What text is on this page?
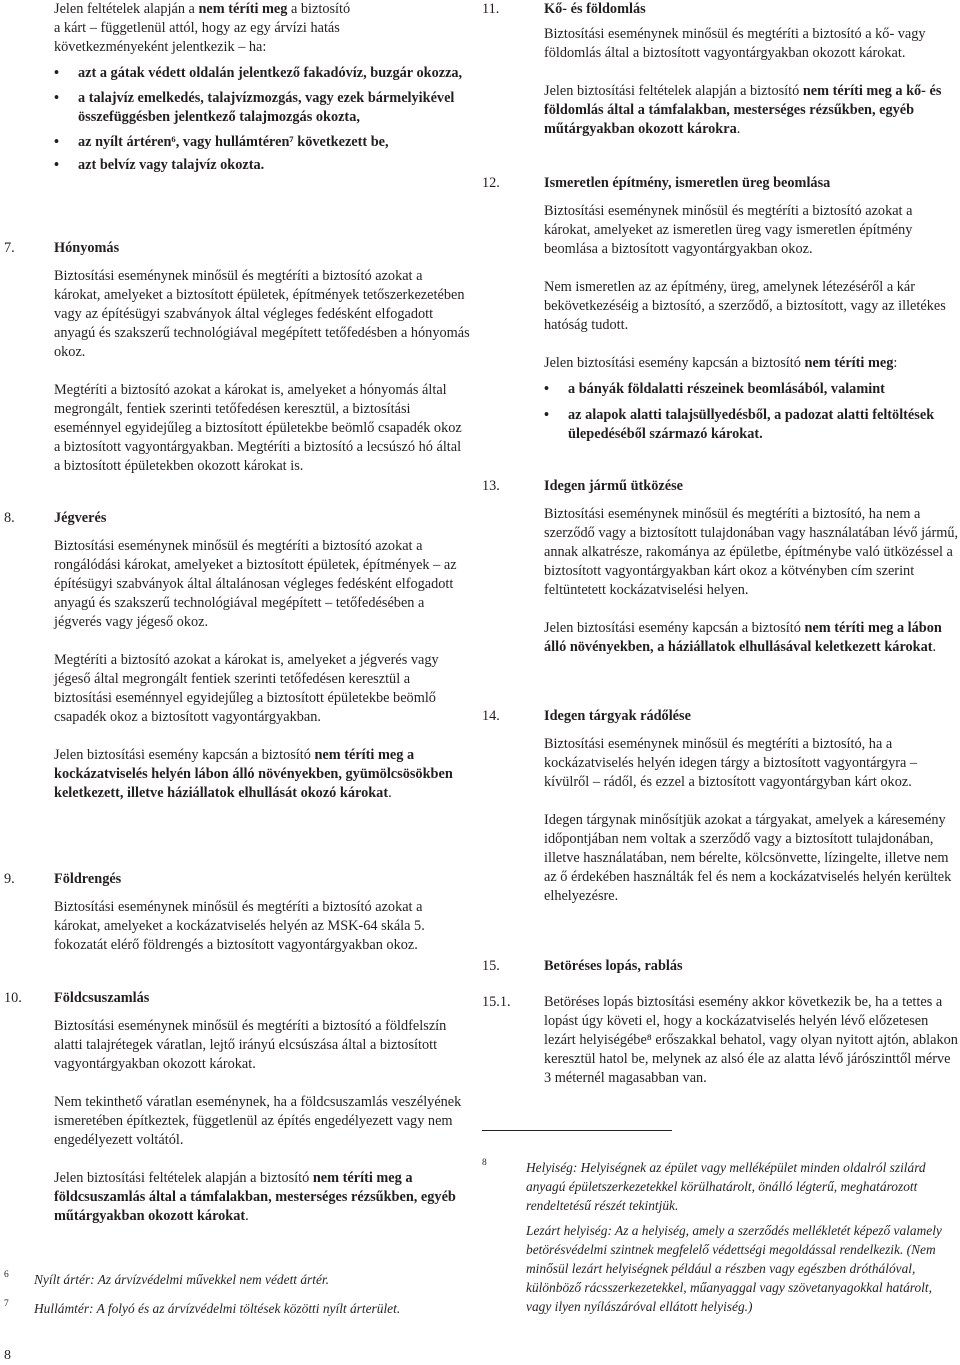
Jelen feltételek alapján a nem téríti meg a biztosító
a kárt – függetlenül attól, hogy az egy árvízi hatás
következményeként jelentkezik – ha:

• azt a gátak védett oldalán jelentkező fakadóvíz, buzgár okozza,
• a talajvíz emelkedés, talajvízmozgás, vagy ezek bármelyikével összefüggésben jelentkező talajmozgás okozta,
• az nyílt ártéren⁶, vagy hullámtéren⁷ következett be,
• azt belvíz vagy talajvíz okozta.
7.	Hónyomás

Biztosítási eseménynek minősül és megtéríti a biztosító azokat a károkat, amelyeket a biztosított épületek, építmények tetőszerkezetében vagy az építésügyi szabványok által végleges fedésként elfogadott anyagú és szakszerű technológiával megépített tetőfedésben a hónyomás okoz.

Megtéríti a biztosító azokat a károkat is, amelyeket a hónyomás által megrongált, fentiek szerinti tetőfedésen keresztül, a biztosítási eseménnyel egyidejűleg a biztosított épületekbe beömlő csapadék okoz a biztosított vagyontárgyakban. Megtéríti a biztosító a lecsúszó hó által a biztosított épületekben okozott károkat is.

8.	Jégverés

Biztosítási eseménynek minősül és megtéríti a biztosító azokat a rongálódási károkat, amelyeket a biztosított épületek, építmények – az építésügyi szabványok által általánosan végleges fedésként elfogadott anyagú és szakszerű technológiával megépített – tetőfedésében a jégverés vagy jégeső okoz.

Megtéríti a biztosító azokat a károkat is, amelyeket a jégverés vagy jégeső által megrongált fentiek szerinti tetőfedésen keresztül a biztosítási eseménnyel egyidejűleg a biztosított épületekbe beömlő csapadék okoz a biztosított vagyontárgyakban.

Jelen biztosítási esemény kapcsán a biztosító nem téríti meg a kockázatviselés helyén lábon álló növényekben, gyümölcsösökben keletkezett, illetve háziállatok elhullását okozó károkat.

9.	Földrengés

Biztosítási eseménynek minősül és megtéríti a biztosító azokat a károkat, amelyeket a kockázatviselés helyén az MSK-64 skála 5. fokozatát elérő földrengés a biztosított vagyontárgyakban okoz.

10.	Földcsuszamlás

Biztosítási eseménynek minősül és megtéríti a biztosító a földfelszín alatti talajrétegek váratlan, lejtő irányú elcsúszása által a biztosított vagyontárgyakban okozott károkat.

Nem tekinthető váratlan eseménynek, ha a földcsuszamlás veszélyének ismeretében építkeztek, függetlenül az építés engedélyezett vagy nem engedélyezett voltától.

Jelen biztosítási feltételek alapján a biztosító nem téríti meg a földcsuszamlás által a támfalakban, mesterséges rézsűkben, egyéb műtárgyakban okozott károkat.

6 Nyílt ártér: Az árvízvédelmi művekkel nem védett ártér.
7 Hullámtér: A folyó és az árvízvédelmi töltések közötti nyílt árterület.
8
11.	Kő- és földomlás

Biztosítási eseménynek minősül és megtéríti a biztosító a kő- vagy földomlás által a biztosított vagyontárgyakban okozott károkat.

Jelen biztosítási feltételek alapján a biztosító nem téríti meg a kő- és földomlás által a támfalakban, mesterséges rézsűkben, egyéb műtárgyakban okozott károkra.

12.	Ismeretlen építmény, ismeretlen üreg beomlása

Biztosítási eseménynek minősül és megtéríti a biztosító azokat a károkat, amelyeket az ismeretlen üreg vagy ismeretlen építmény beomlása a biztosított vagyontárgyakban okoz.

Nem ismeretlen az az építmény, üreg, amelynek létezéséről a kár bekövetkezéséig a biztosító, a szerződő, a biztosított, vagy az illetékes hatóság tudott.

Jelen biztosítási esemény kapcsán a biztosító nem téríti meg:

• a bányák földalatti részeinek beomlásából, valamint
• az alapok alatti talajsüllyedésből, a padozat alatti feltöltések ülepedéséből származó károkat.
13.	Idegen jármű ütközése

Biztosítási eseménynek minősül és megtéríti a biztosító, ha nem a szerződő vagy a biztosított tulajdonában vagy használatában lévő jármű, annak alkatrésze, rakománya az épületbe, építménybe való ütközéssel a biztosított vagyontárgyakban kárt okoz a kötvényben cím szerint feltüntetett kockázatviselési helyen.

Jelen biztosítási esemény kapcsán a biztosító nem téríti meg a lábon álló növényekben, a háziállatok elhullásával keletkezett károkat.

14.	Idegen tárgyak rádőlése

Biztosítási eseménynek minősül és megtéríti a biztosító, ha a kockázatviselés helyén idegen tárgy a biztosított vagyontárgyra – kívülről – rádől, és ezzel a biztosított vagyontárgyban kárt okoz.

Idegen tárgynak minősítjük azokat a tárgyakat, amelyek a káresemény időpontjában nem voltak a szerződő vagy a biztosított tulajdonában, illetve használatában, nem bérelte, kölcsönvette, lízingelte, illetve nem az ő érdekében használták fel és nem a kockázatviselés helyén kerültek elhelyezésre.

15.	Betöréses lopás, rablás

15.1.	Betöréses lopás biztosítási esemény akkor következik be, ha a tettes a lopást úgy követi el, hogy a kockázatviselés helyén lévő előzetesen lezárt helyiségébe⁸ erőszakkal behatol, vagy olyan nyitott ajtón, ablakon keresztül hatol be, melynek az alsó éle az alatta lévő járószinttől mérve 3 méternél magasabban van.

8	Helyiség: Helyiségnek az épület vagy melléképület minden oldalról szilárd anyagú épületszerkezetekkel körülhatárolt, önálló légterű, meghatározott rendeltetésű részét tekintjük.

Lezárt helyiség: Az a helyiség, amely a szerződés mellékletét képező valamely betörésvédelmi szintnek megfelelő védettségi megoldással rendelkezik. (Nem minősül lezárt helyiségnek például a részben vagy egészben dróthálóval, különböző rácsszerkezetekkel, műanyaggal vagy szövetanyagokkal határolt, vagy ilyen nyílászáróval ellátott helyiség.)
